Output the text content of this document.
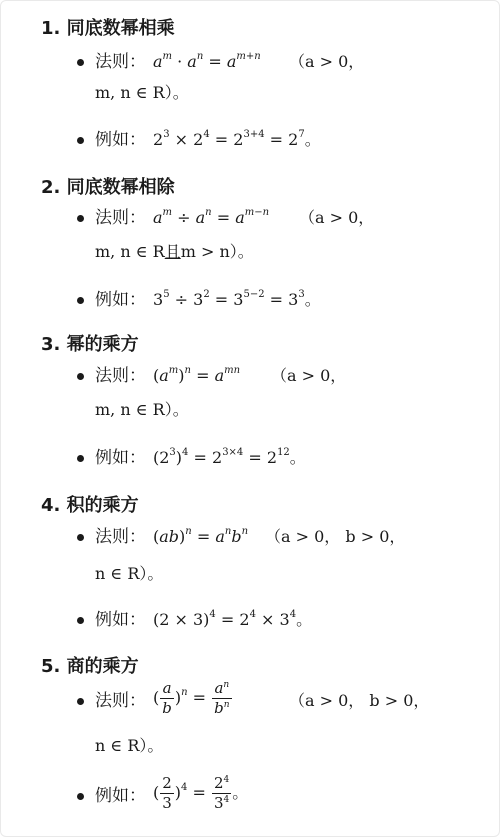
1. 同底数幂相乘
法则： $a^m \cdot a^n = a^{m+n}$ （a > 0，
m, n ∈ R）。
例如： $2^3 \times 2^4 = 2^{3+4} = 2^7$。
2. 同底数幂相除
法则： $a^m \div a^n = a^{m-n}$ （a > 0，
m, n ∈ R且m > n）。
例如： $3^5 \div 3^2 = 3^{5-2} = 3^3$。
3. 幂的乘方
法则： $(a^m)^n = a^{mn}$ （a > 0，
m, n ∈ R）。
例如： $(2^3)^4 = 2^{3\times 4} = 2^{12}$。
4. 积的乘方
法则： $(ab)^n = a^nb^n$ （a > 0， b > 0，
n ∈ R）。
例如： $(2 \times 3)^4 = 2^4 \times 3^4$。
5. 商的乘方
法则： ( $\frac{a}{b} )^n = \frac{a^n}{b^n}$	（a > 0， b > 0，
n ∈ R）。
例如： ( $\frac{2}{3} )^4 = \frac{2^4}{3^4}$ 。
